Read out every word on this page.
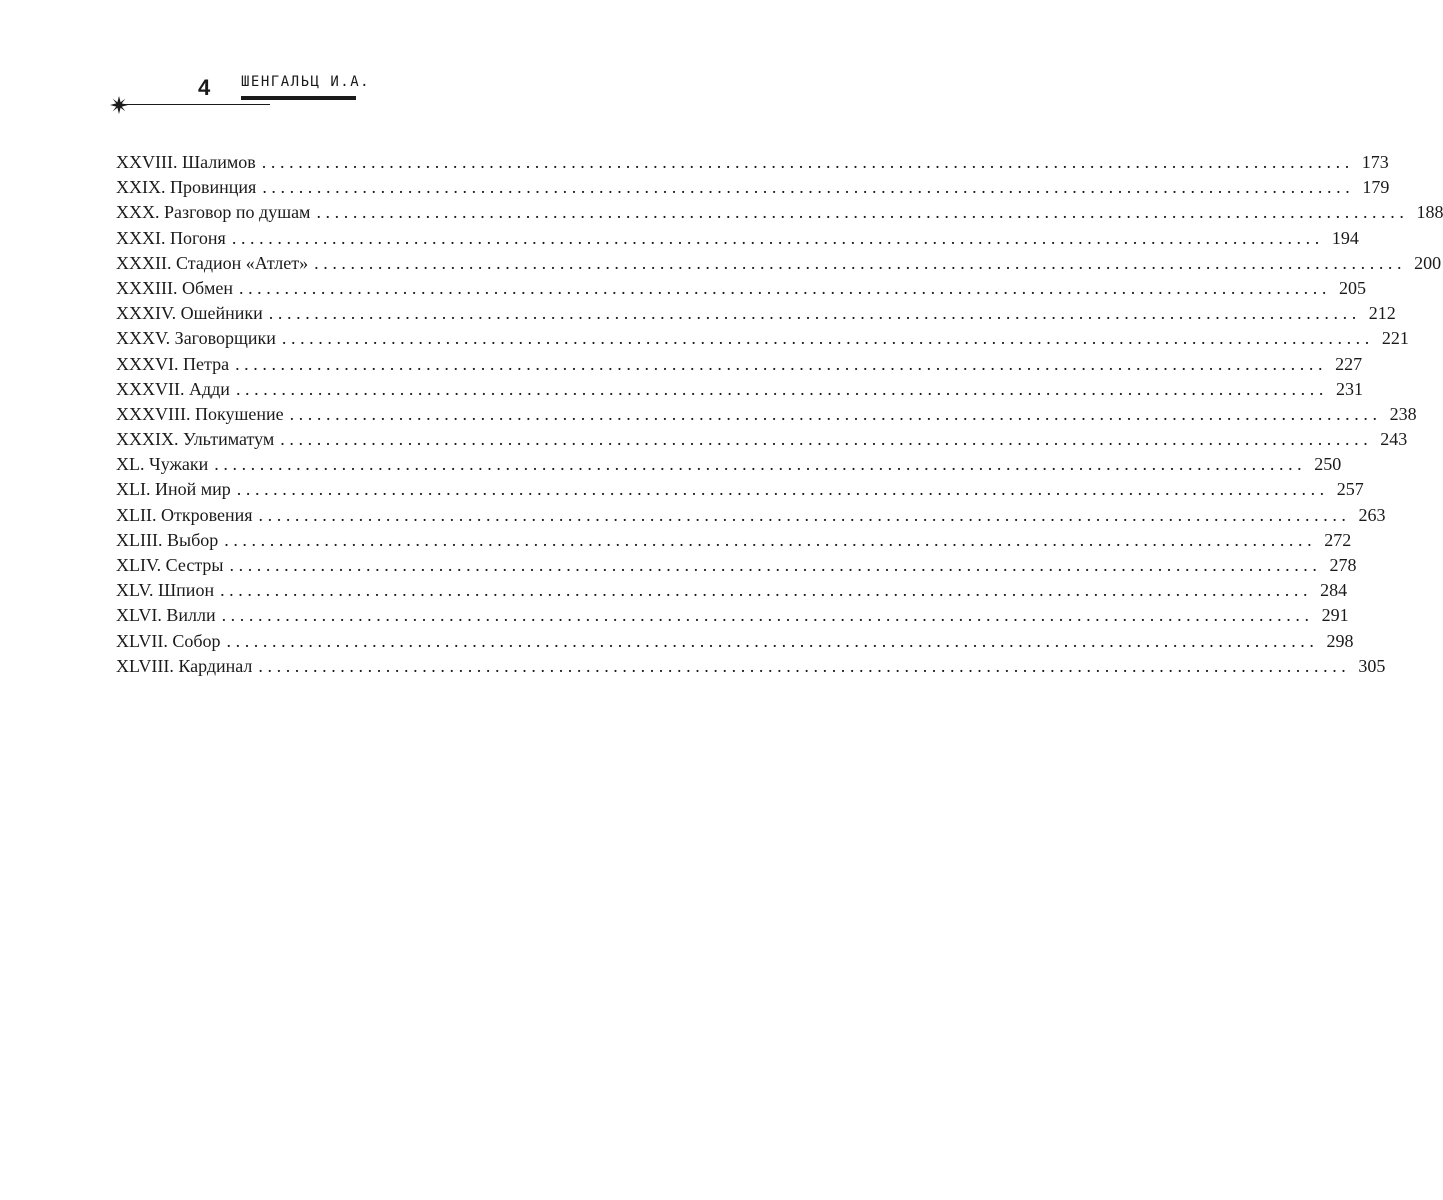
4 ШЕНГАЛЬЦ И.А.
XXVIII. Шалимов ........................................................................................................................ 173
XXIX. Провинция ........................................................................................................................ 179
XXX. Разговор по душам ........................................................................................................................ 188
XXXI. Погоня ........................................................................................................................ 194
XXXII. Стадион «Атлет» ........................................................................................................................ 200
XXXIII. Обмен ........................................................................................................................ 205
XXXIV. Ошейники ........................................................................................................................ 212
XXXV. Заговорщики ........................................................................................................................ 221
XXXVI. Петра ........................................................................................................................ 227
XXXVII. Адди ........................................................................................................................ 231
XXXVIII. Покушение ........................................................................................................................ 238
XXXIX. Ультиматум ........................................................................................................................ 243
XL. Чужаки ........................................................................................................................ 250
XLI. Иной мир ........................................................................................................................ 257
XLII. Откровения ........................................................................................................................ 263
XLIII. Выбор ........................................................................................................................ 272
XLIV. Сестры ........................................................................................................................ 278
XLV. Шпион ........................................................................................................................ 284
XLVI. Вилли ........................................................................................................................ 291
XLVII. Собор ........................................................................................................................ 298
XLVIII. Кардинал ........................................................................................................................ 305
